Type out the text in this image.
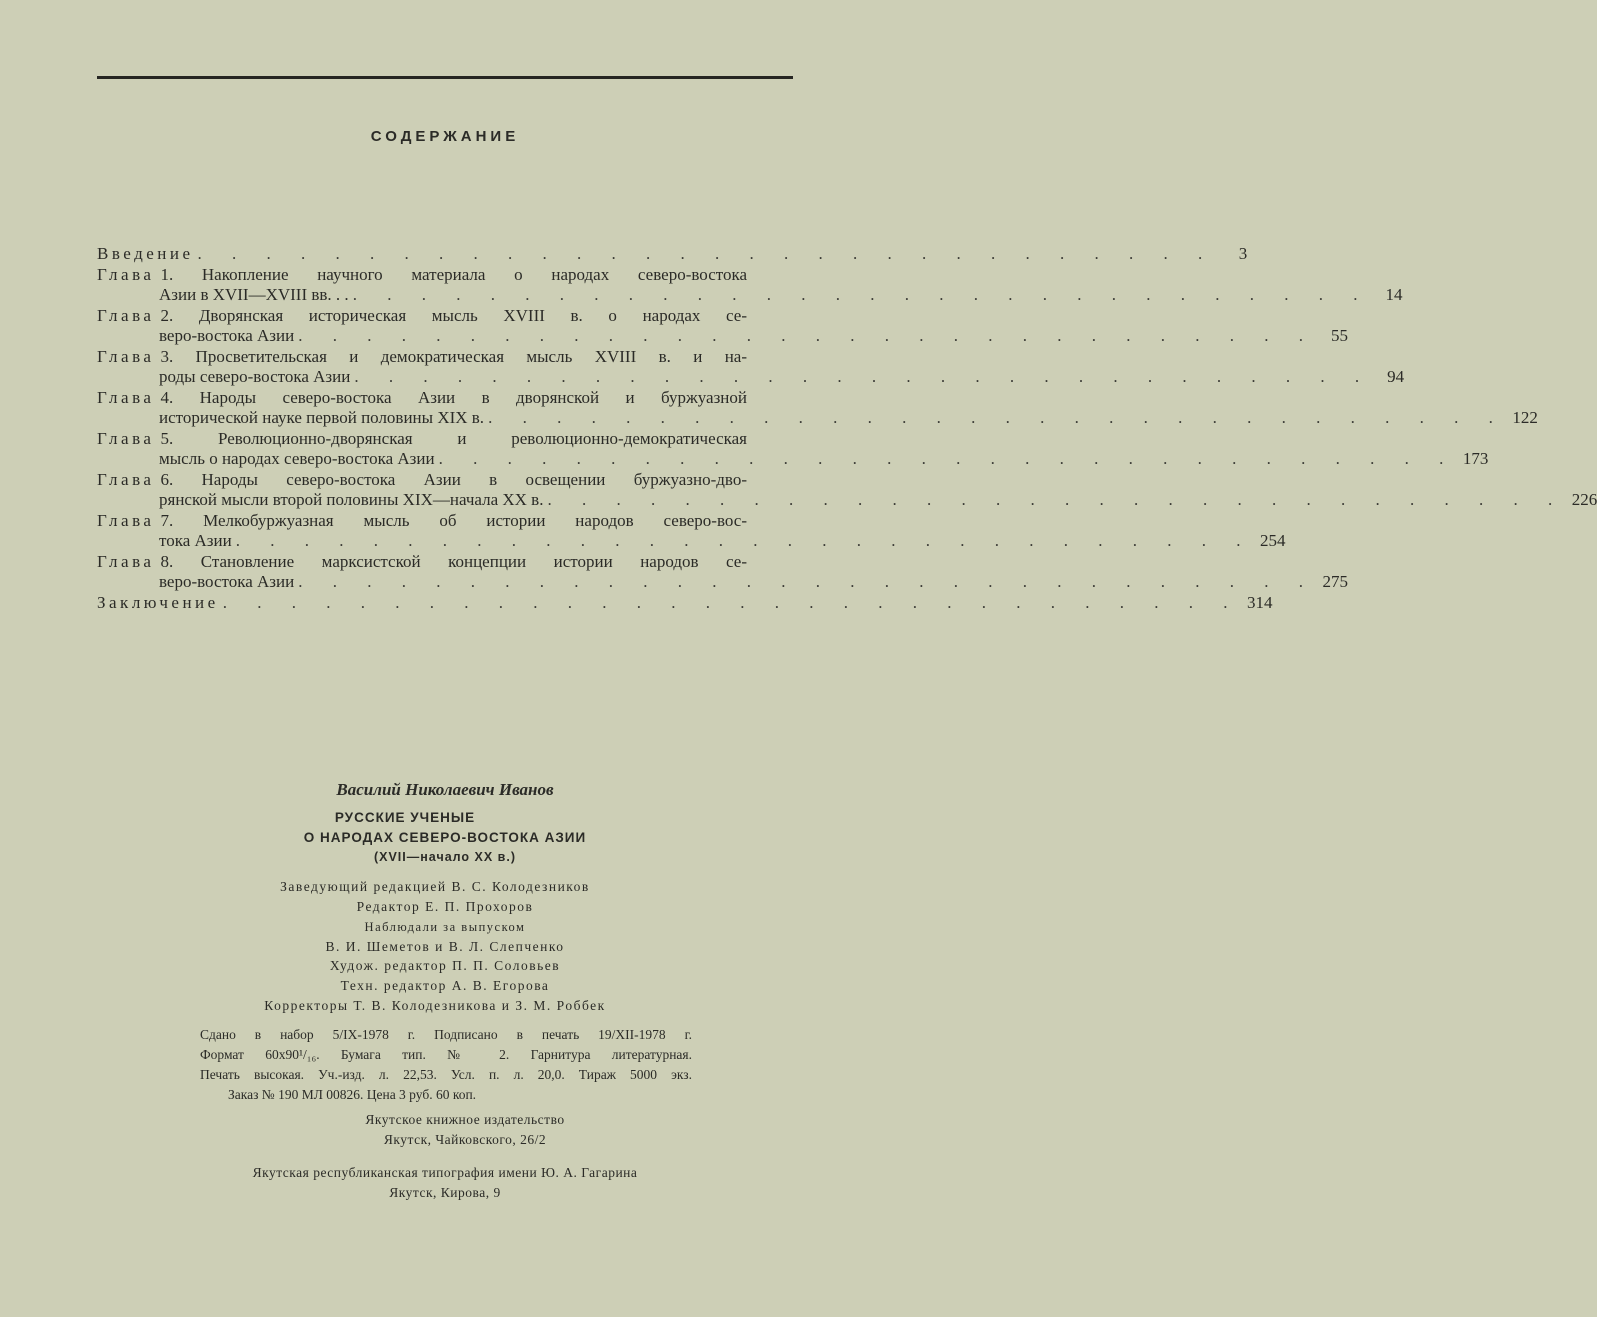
СОДЕРЖАНИЕ
Введение . . . . . . . . . . . . . . . . . . . . . . . . . . . . . .	3
Глава 1. Накопление научного материала о народах северо-востока
Азии в XVII—XVIII вв. . . . . . . . . . . . . . . . . . . . . . . . . . . . . . . . . 14
Глава 2. Дворянская историческая мысль XVIII в. о народах се-
веро-востока Азии . . . . . . . . . . . . . . . . . . . . . . . . . . . . . . 55
Глава 3. Просветительская и демократическая мысль XVIII в. и на-
роды северо-востока Азии . . . . . . . . . . . . . . . . . . . . . . . . . . . . . . 94
Глава 4. Народы северо-востока Азии в дворянской и буржуазной
исторической науке первой половины XIX в. . . . . . . . . . . . . . . . . . . . . . . . . . . . . . . 122
Глава 5. Революционно-дворянская и революционно-демократическая
мысль о народах северо-востока Азии . . . . . . . . . . . . . . . . . . . . . . . . . . . . . . 173
Глава 6. Народы северо-востока Азии в освещении буржуазно-дво-
рянской мысли второй половины XIX—начала XX в. . . . . . . . . . . . . . . . . . . . . . . . . . . . . . . 226
Глава 7. Мелкобуржуазная мысль об истории народов северо-вос-
тока Азии . . . . . . . . . . . . . . . . . . . . . . . . . . . . . . 254
Глава 8. Становление марксистской концепции истории народов се-
веро-востока Азии . . . . . . . . . . . . . . . . . . . . . . . . . . . . . . 275
Заключение . . . . . . . . . . . . . . . . . . . . . . . . . . . . . . 314
Василий Николаевич Иванов
РУССКИЕ УЧЕНЫЕ
О НАРОДАХ СЕВЕРО-ВОСТОКА АЗИИ
(XVII—начало XX в.)
Заведующий редакцией В. С. Колодезников
Редактор Е. П. Прохоров
Наблюдали за выпуском
В. И. Шеметов и В. Л. Слепченко
Худож. редактор П. П. Соловьев
Техн. редактор А. В. Егорова
Корректоры Т. В. Колодезникова и З. М. Роббек
Сдано в набор 5/IX-1978 г. Подписано в печать 19/XII-1978 г.
Формат 60x90¹/₁₆. Бумага тип. № 2. Гарнитура литературная.
Печать высокая. Уч.-изд. л. 22,53. Усл. п. л. 20,0. Тираж 5000 экз.
Заказ № 190 МЛ 00826. Цена 3 руб. 60 коп.
Якутское книжное издательство
Якутск, Чайковского, 26/2
Якутская республиканская типография имени Ю. А. Гагарина
Якутск, Кирова, 9
